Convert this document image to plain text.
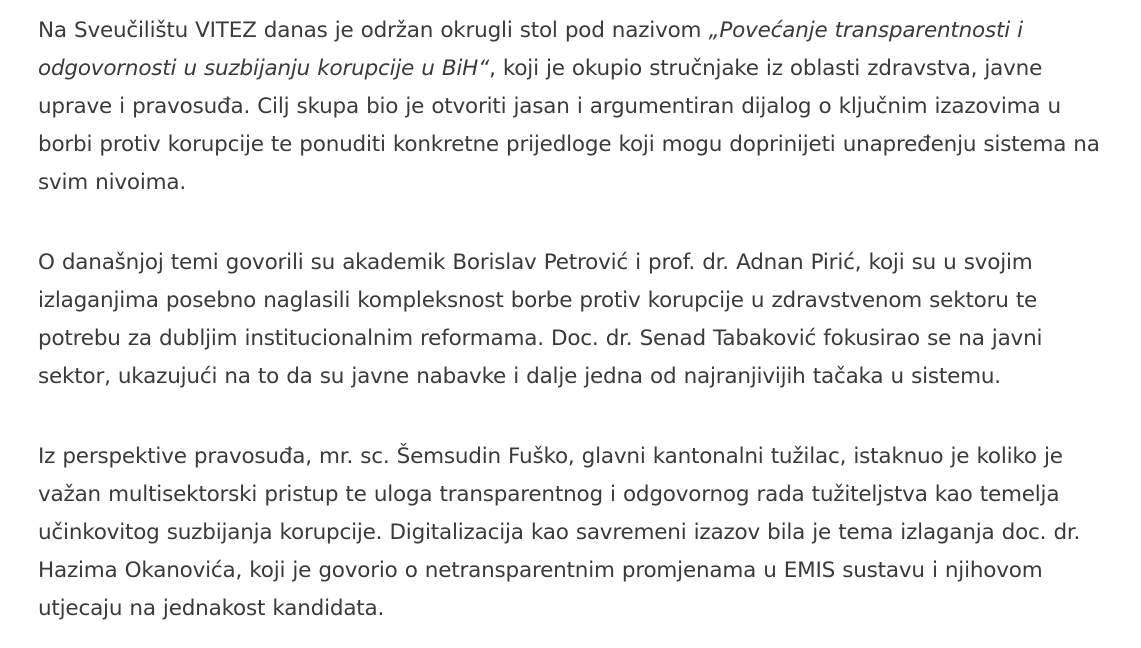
Na Sveučilištu VITEZ danas je održan okrugli stol pod nazivom „Povećanje transparentnosti i odgovornosti u suzbijanju korupcije u BiH“, koji je okupio stručnjake iz oblasti zdravstva, javne uprave i pravosuđa. Cilj skupa bio je otvoriti jasan i argumentiran dijalog o ključnim izazovima u borbi protiv korupcije te ponuditi konkretne prijedloge koji mogu doprinijeti unapređenju sistema na svim nivoima.

O današnjoj temi govorili su akademik Borislav Petrović i prof. dr. Adnan Pirić, koji su u svojim izlaganjima posebno naglasili kompleksnost borbe protiv korupcije u zdravstvenom sektoru te potrebu za dubljim institucionalnim reformama. Doc. dr. Senad Tabaković fokusirao se na javni sektor, ukazujući na to da su javne nabavke i dalje jedna od najranjivijih tačaka u sistemu.

Iz perspektive pravosuđa, mr. sc. Šemsudin Fuško, glavni kantonalni tužilac, istaknuo je koliko je važan multisektorski pristup te uloga transparentnog i odgovornog rada tužiteljstva kao temelja učinkovitog suzbijanja korupcije. Digitalizacija kao savremeni izazov bila je tema izlaganja doc. dr. Hazima Okanovića, koji je govorio o netransparentnim promjenama u EMIS sustavu i njihovom utjecaju na jednakost kandidata.
